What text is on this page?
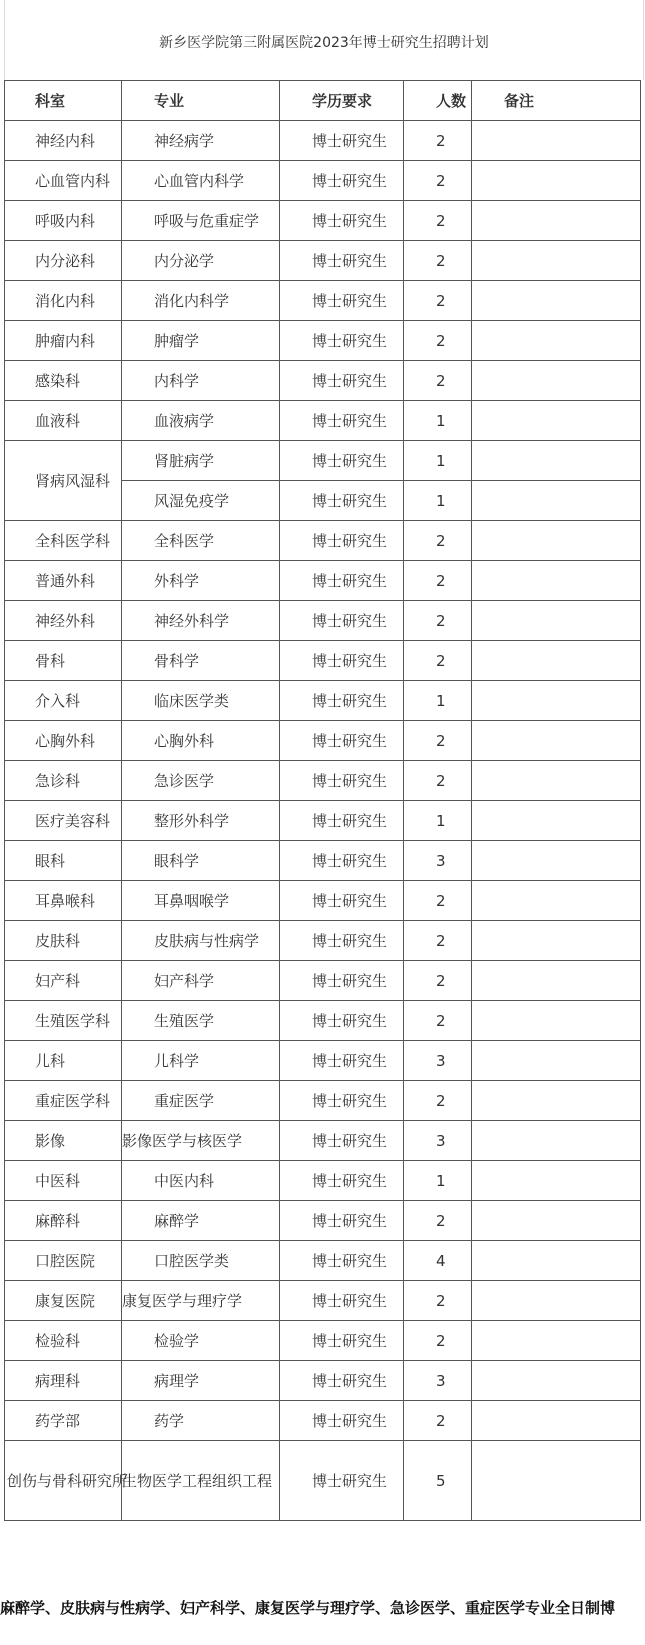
新乡医学院第三附属医院2023年博士研究生招聘计划
科室	专业	学历要求	人数	备注
神经内科	神经病学	博士研究生	2	
心血管内科	心血管内科学	博士研究生	2	
呼吸内科	呼吸与危重症学	博士研究生	2	
内分泌科	内分泌学	博士研究生	2	
消化内科	消化内科学	博士研究生	2	
肿瘤内科	肿瘤学	博士研究生	2	
感染科	内科学	博士研究生	2	
血液科	血液病学	博士研究生	1	
肾病风湿科	肾脏病学	博士研究生	1	
	风湿免疫学	博士研究生	1	
全科医学科	全科医学	博士研究生	2	
普通外科	外科学	博士研究生	2	
神经外科	神经外科学	博士研究生	2	
骨科	骨科学	博士研究生	2	
介入科	临床医学类	博士研究生	1	
心胸外科	心胸外科	博士研究生	2	
急诊科	急诊医学	博士研究生	2	
医疗美容科	整形外科学	博士研究生	1	
眼科	眼科学	博士研究生	3	
耳鼻喉科	耳鼻咽喉学	博士研究生	2	
皮肤科	皮肤病与性病学	博士研究生	2	
妇产科	妇产科学	博士研究生	2	
生殖医学科	生殖医学	博士研究生	2	
儿科	儿科学	博士研究生	3	
重症医学科	重症医学	博士研究生	2	
影像	影像医学与核医学	博士研究生	3	
中医科	中医内科	博士研究生	1	
麻醉科	麻醉学	博士研究生	2	
口腔医院	口腔医学类	博士研究生	4	
康复医院	康复医学与理疗学	博士研究生	2	
检验科	检验学	博士研究生	2	
病理科	病理学	博士研究生	3	
药学部	药学	博士研究生	2	
创伤与骨科研究所	生物医学工程组织工程	博士研究生	5	
麻醉学、皮肤病与性病学、妇产科学、康复医学与理疗学、急诊医学、重症医学专业全日制博
